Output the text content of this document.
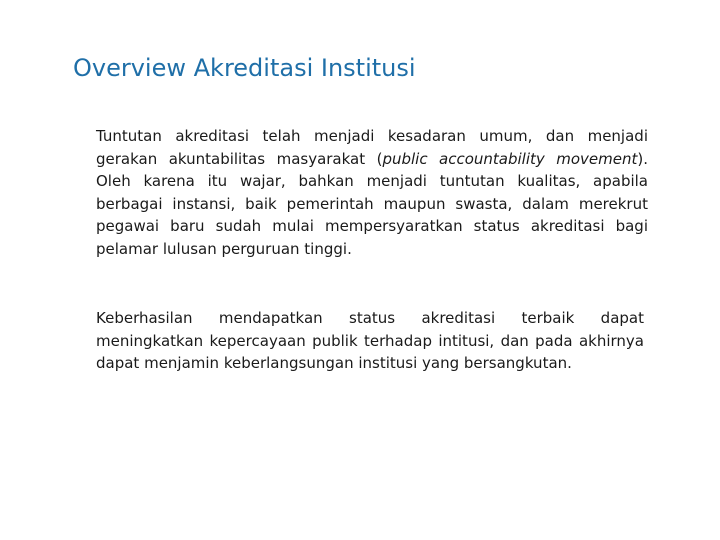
Overview Akreditasi Institusi

Tuntutan akreditasi telah menjadi kesadaran umum, dan menjadi gerakan akuntabilitas masyarakat (public accountability movement). Oleh karena itu wajar, bahkan menjadi tuntutan kualitas, apabila berbagai instansi, baik pemerintah maupun swasta, dalam merekrut pegawai baru sudah mulai mempersyaratkan status akreditasi bagi pelamar lulusan perguruan tinggi.

Keberhasilan mendapatkan status akreditasi terbaik dapat meningkatkan kepercayaan publik terhadap intitusi, dan pada akhirnya dapat menjamin keberlangsungan institusi yang bersangkutan.
